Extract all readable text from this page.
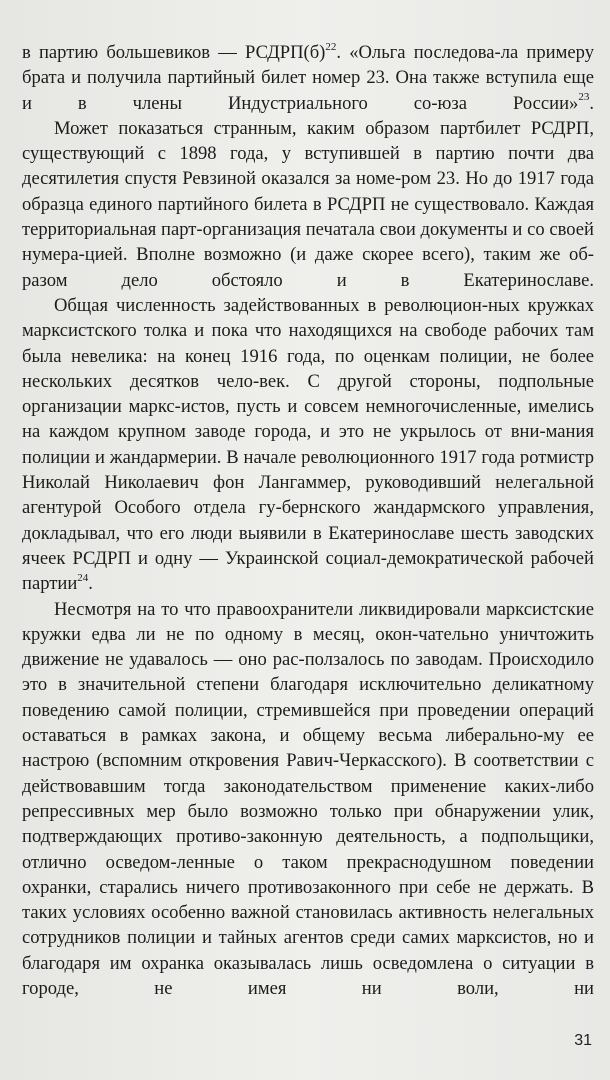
в партию большевиков — $РСДРП(б)^{22}$. «Ольга последова-ла примеру брата и получила партийный билет номер 23. Она также вступила еще и в члены Индустриального со-юза России»$^{23}$.

Может показаться странным, каким образом партбилет РСДРП, существующий с 1898 года, у вступившей в партию почти два десятилетия спустя Ревзиной оказался за номе-ром 23. Но до 1917 года образца единого партийного билета в РСДРП не существовало. Каждая территориальная парт-организация печатала свои документы и со своей нумера-цией. Вполне возможно (и даже скорее всего), таким же об-разом дело обстояло и в Екатеринославе.

Общая численность задействованных в революцион-ных кружках марксистского толка и пока что находящихся на свободе рабочих там была невелика: на конец 1916 года, по оценкам полиции, не более нескольких десятков чело-век. С другой стороны, подпольные организации маркс-истов, пусть и совсем немногочисленные, имелись на каждом крупном заводе города, и это не укрылось от вни-мания полиции и жандармерии. В начале революционного 1917 года ротмистр Николай Николаевич фон Лангаммер, руководивший нелегальной агентурой Особого отдела гу-бернского жандармского управления, докладывал, что его люди выявили в Екатеринославе шесть заводских ячеек РСДРП и одну — Украинской социал-демократической рабочей партии$^{24}$.

Несмотря на то что правоохранители ликвидировали марксистские кружки едва ли не по одному в месяц, окон-чательно уничтожить движение не удавалось — оно рас-ползалось по заводам. Происходило это в значительной степени благодаря исключительно деликатному поведению самой полиции, стремившейся при проведении операций оставаться в рамках закона, и общему весьма либерально-му ее настрою (вспомним откровения Равич-Черкасского). В соответствии с действовавшим тогда законодательством применение каких-либо репрессивных мер было возможно только при обнаружении улик, подтверждающих противо-законную деятельность, а подпольщики, отлично осведом-ленные о таком прекраснодушном поведении охранки, старались ничего противозаконного при себе не держать. В таких условиях особенно важной становилась активность нелегальных сотрудников полиции и тайных агентов среди самих марксистов, но и благодаря им охранка оказывалась лишь осведомлена о ситуации в городе, не имея ни воли, ни

31
